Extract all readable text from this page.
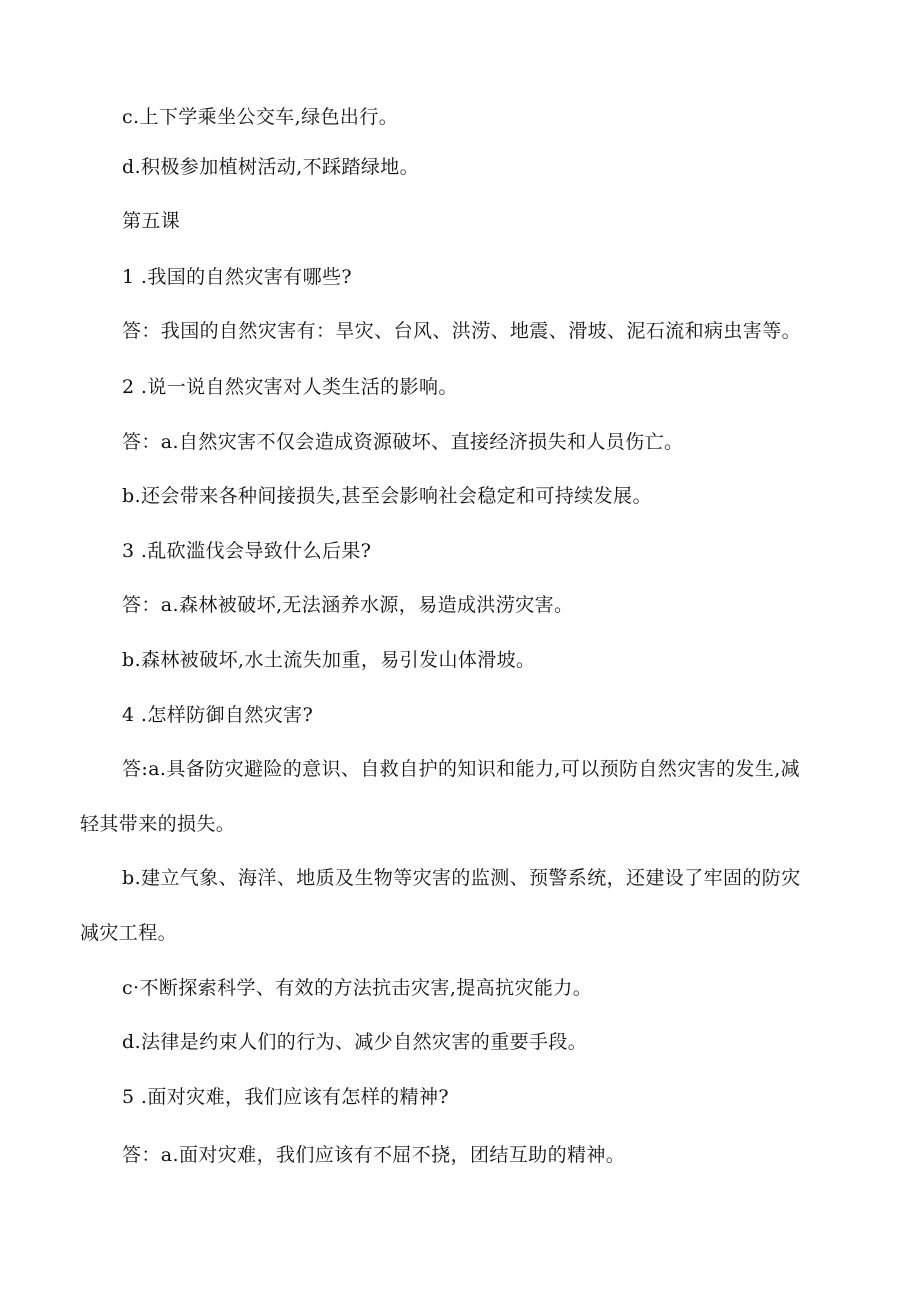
c.上下学乘坐公交车,绿色出行。
d.积极参加植树活动,不踩踏绿地。
第五课
1 .我国的自然灾害有哪些?
答：我国的自然灾害有：旱灾、台风、洪涝、地震、滑坡、泥石流和病虫害等。
2 .说一说自然灾害对人类生活的影响。
答：a.自然灾害不仅会造成资源破坏、直接经济损失和人员伤亡。
b.还会带来各种间接损失,甚至会影响社会稳定和可持续发展。
3 .乱砍滥伐会导致什么后果?
答：a.森林被破坏,无法涵养水源，易造成洪涝灾害。
b.森林被破坏,水土流失加重，易引发山体滑坡。
4 .怎样防御自然灾害?
答:a.具备防灾避险的意识、自救自护的知识和能力,可以预防自然灾害的发生,减
轻其带来的损失。
b.建立气象、海洋、地质及生物等灾害的监测、预警系统，还建设了牢固的防灾
减灾工程。
c·不断探索科学、有效的方法抗击灾害,提高抗灾能力。
d.法律是约束人们的行为、减少自然灾害的重要手段。
5 .面对灾难，我们应该有怎样的精神?
答：a.面对灾难，我们应该有不屈不挠，团结互助的精神。
